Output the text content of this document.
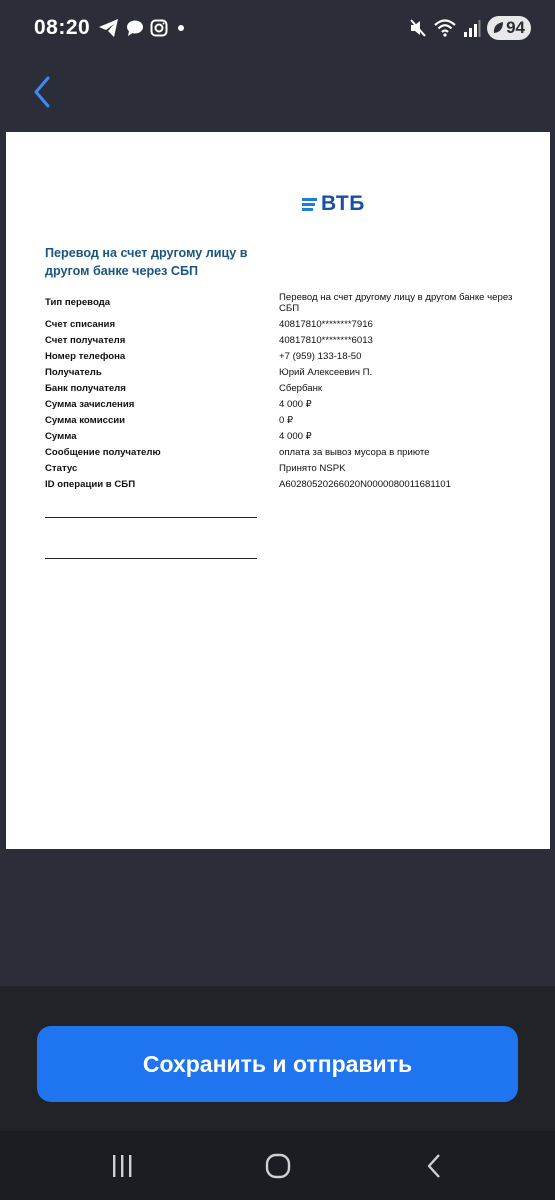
08:20	94
ВТБ
Перевод на счет другому лицу в другом банке через СБП
Тип перевода	Перевод на счет другому лицу в другом банке через СБП
Счет списания	40817810********7916
Счет получателя	40817810********6013
Номер телефона	+7 (959) 133-18-50
Получатель	Юрий Алексеевич П.
Банк получателя	Сбербанк
Сумма зачисления	4 000 ₽
Сумма комиссии	0 ₽
Сумма	4 000 ₽
Сообщение получателю	оплата за вывоз мусора в приюте
Статус	Принято NSPK
ID операции в СБП	A60280520266020N0000080011681101
Сохранить и отправить
